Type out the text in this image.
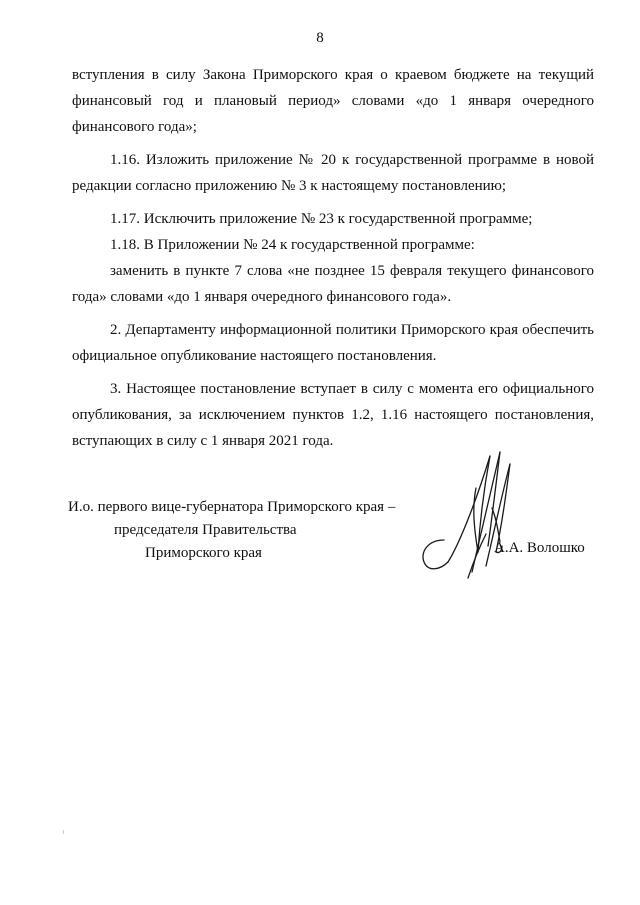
8

вступления в силу Закона Приморского края о краевом бюджете на текущий финансовый год и плановый период» словами «до 1 января очередного финансового года»;

1.16. Изложить приложение № 20 к государственной программе в новой редакции согласно приложению № 3 к настоящему постановлению;

1.17. Исключить приложение № 23 к государственной программе;

1.18. В Приложении № 24 к государственной программе:

заменить в пункте 7 слова «не позднее 15 февраля текущего финансового года» словами «до 1 января очередного финансового года».

2. Департаменту информационной политики Приморского края обеспечить официальное опубликование настоящего постановления.

3. Настоящее постановление вступает в силу с момента его официального опубликования, за исключением пунктов 1.2, 1.16 настоящего постановления, вступающих в силу с 1 января 2021 года.

И.о. первого вице-губернатора Приморского края –
председателя Правительства
Приморского края	А.А. Волошко
